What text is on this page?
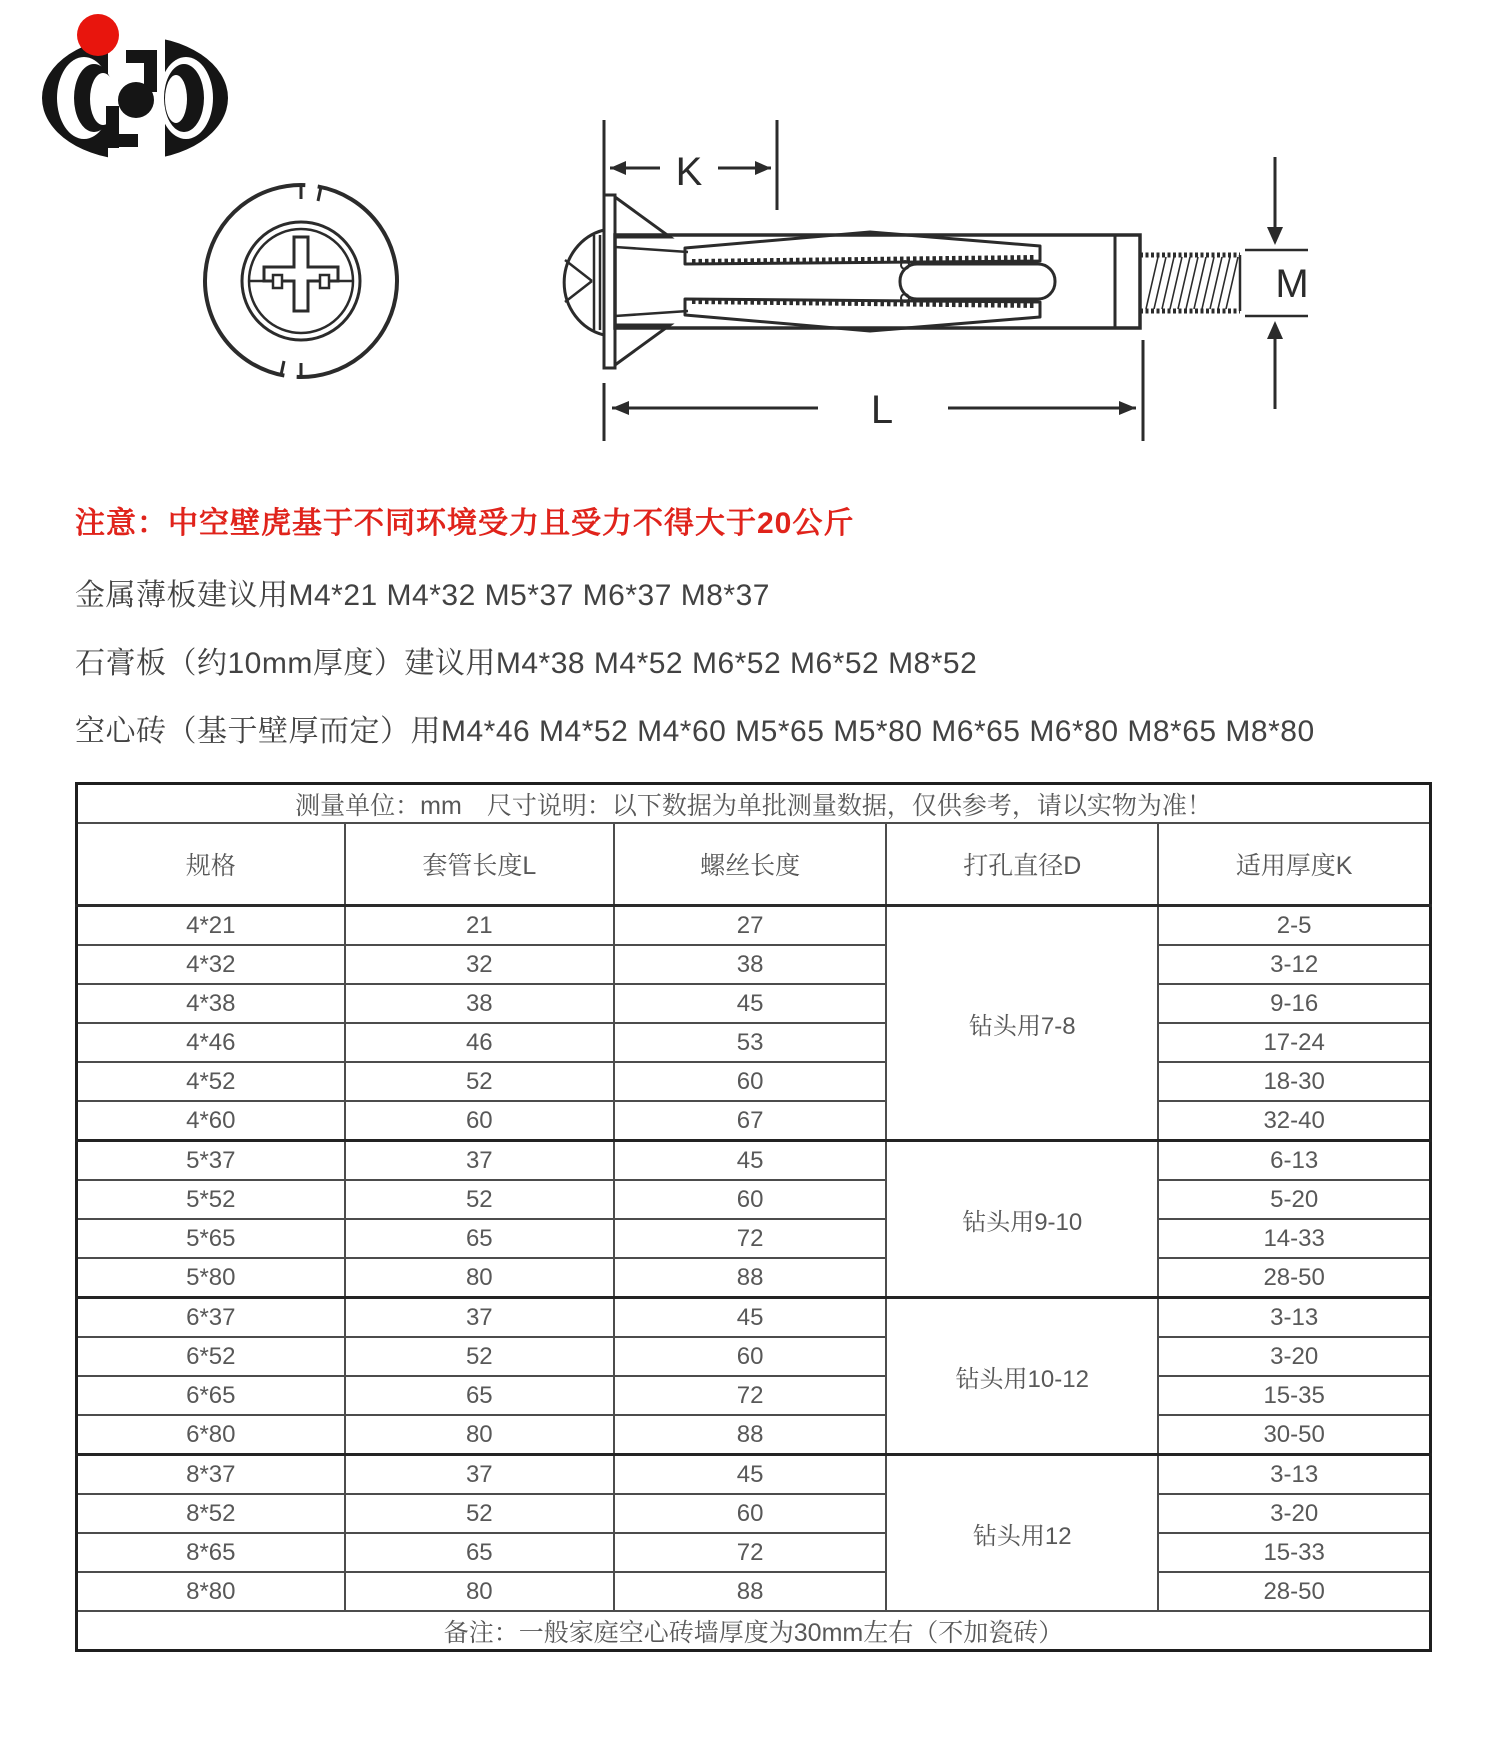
K
M
L
注意：中空壁虎基于不同环境受力且受力不得大于20公斤
金属薄板建议用M4*21 M4*32 M5*37 M6*37 M8*37
石膏板（约10mm厚度）建议用M4*38 M4*52 M6*52 M6*52 M8*52
空心砖（基于壁厚而定）用M4*46 M4*52 M4*60 M5*65 M5*80 M6*65 M6*80 M8*65 M8*80
测量单位：mm　尺寸说明：以下数据为单批测量数据，仅供参考，请以实物为准！				
规格	套管长度L	螺丝长度	打孔直径D	适用厚度K
4*21	21	27	钻头用7-8	2-5
4*32	32	38		3-12
4*38	38	45		9-16
4*46	46	53		17-24
4*52	52	60		18-30
4*60	60	67		32-40
5*37	37	45	钻头用9-10	6-13
5*52	52	60		5-20
5*65	65	72		14-33
5*80	80	88		28-50
6*37	37	45	钻头用10-12	3-13
6*52	52	60		3-20
6*65	65	72		15-35
6*80	80	88		30-50
8*37	37	45	钻头用12	3-13
8*52	52	60		3-20
8*65	65	72		15-33
8*80	80	88		28-50
备注：一般家庭空心砖墙厚度为30mm左右（不加瓷砖）				
